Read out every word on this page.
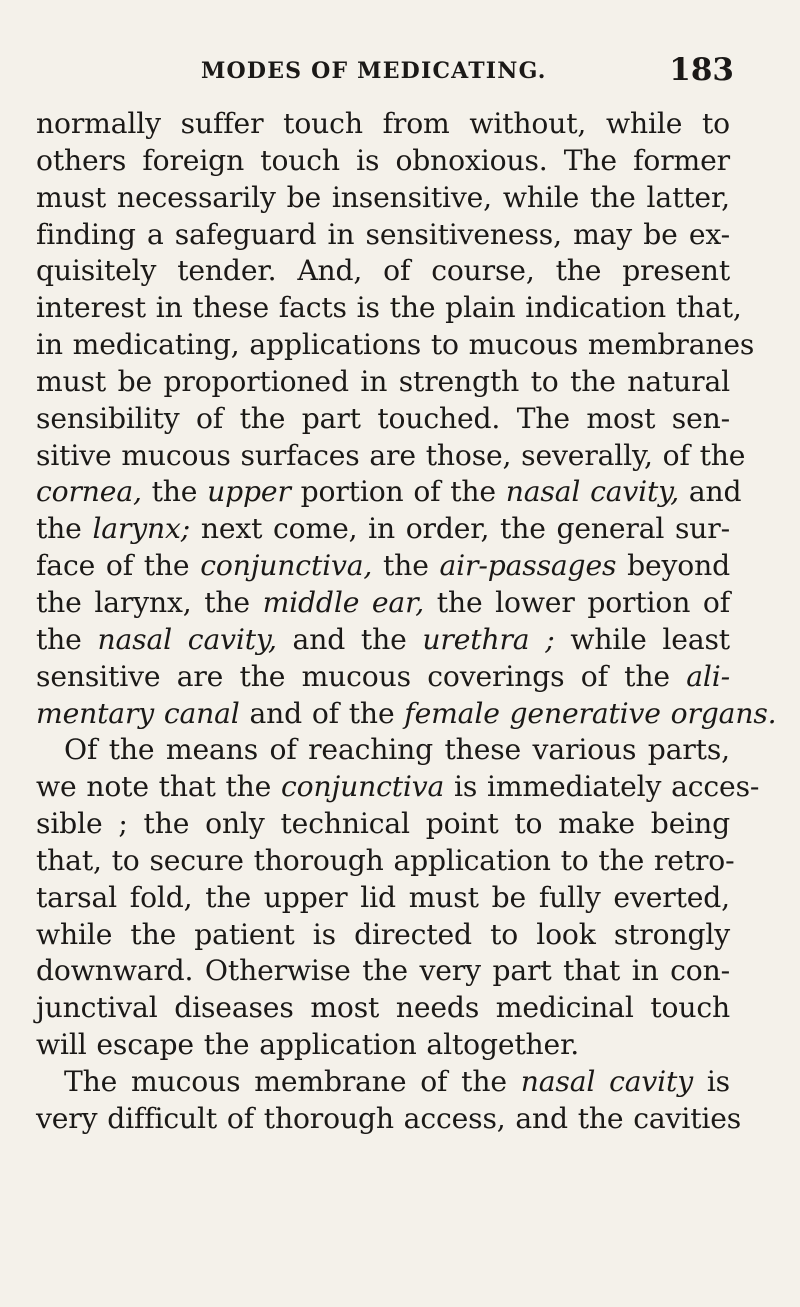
MODES OF MEDICATING.	183
normally suffer touch from without, while to
others foreign touch is obnoxious. The former
must necessarily be insensitive, while the latter,
finding a safeguard in sensitiveness, may be ex-
quisitely tender. And, of course, the present
interest in these facts is the plain indication that,
in medicating, applications to mucous membranes
must be proportioned in strength to the natural
sensibility of the part touched. The most sen-
sitive mucous surfaces are those, severally, of the
cornea, the upper portion of the nasal cavity, and
the larynx; next come, in order, the general sur-
face of the conjunctiva, the air-passages beyond
the larynx, the middle ear, the lower portion of
the nasal cavity, and the urethra ; while least
sensitive are the mucous coverings of the ali-
mentary canal and of the female generative organs.
Of the means of reaching these various parts,
we note that the conjunctiva is immediately acces-
sible ; the only technical point to make being
that, to secure thorough application to the retro-
tarsal fold, the upper lid must be fully everted,
while the patient is directed to look strongly
downward. Otherwise the very part that in con-
junctival diseases most needs medicinal touch
will escape the application altogether.
The mucous membrane of the nasal cavity is
very difficult of thorough access, and the cavities
